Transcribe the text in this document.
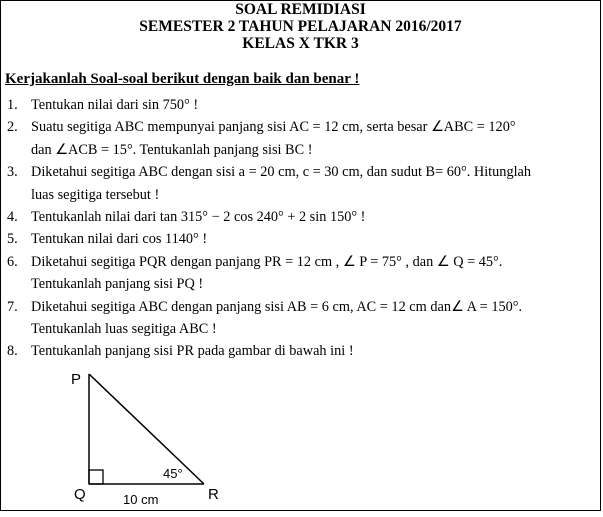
SOAL REMIDIASI
SEMESTER 2 TAHUN PELAJARAN 2016/2017
KELAS X TKR 3
Kerjakanlah Soal-soal berikut dengan baik dan benar !
1. Tentukan nilai dari sin 750° !
2. Suatu segitiga ABC mempunyai panjang sisi AC = 12 cm, serta besar ∠ABC = 120°
dan ∠ACB = 15°. Tentukanlah panjang sisi BC !
3. Diketahui segitiga ABC dengan sisi a = 20 cm, c = 30 cm, dan sudut B= 60°. Hitunglah
luas segitiga tersebut !
4. Tentukanlah nilai dari tan 315° − 2 cos 240° + 2 sin 150° !
5. Tentukan nilai dari cos 1140° !
6. Diketahui segitiga PQR dengan panjang PR = 12 cm , ∠ P = 75° , dan ∠ Q = 45°.
Tentukanlah panjang sisi PQ !
7. Diketahui segitiga ABC dengan panjang sisi AB = 6 cm, AC = 12 cm dan∠ A = 150°.
Tentukanlah luas segitiga ABC !
8. Tentukanlah panjang sisi PR pada gambar di bawah ini !
P
Q	R
45°
10 cm
